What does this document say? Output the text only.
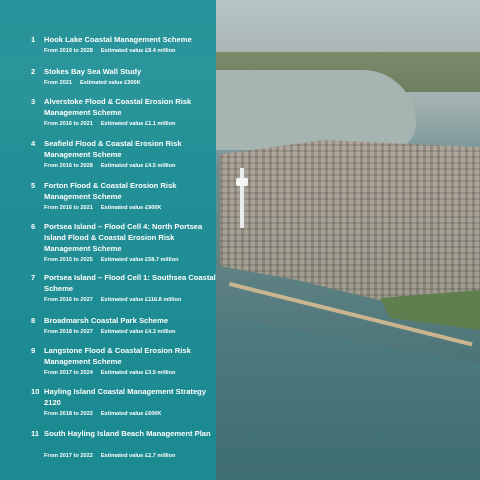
1	Hook Lake Coastal Management Scheme
From 2019 to 2028 Estimated value £8.4 million
2	Stokes Bay Sea Wall Study
From 2021 Estimated value £300K
3	Alverstoke Flood & Coastal Erosion Risk Management Scheme
From 2016 to 2021 Estimated value £1.1 million
4	Seafield Flood & Coastal Erosion Risk Management Scheme
From 2016 to 2028 Estimated value £4.5 million
5	Forton Flood & Coastal Erosion Risk Management Scheme
From 2016 to 2021 Estimated value £900K
6	Portsea Island – Flood Cell 4: North Portsea Island Flood & Coastal Erosion Risk Management Scheme
From 2015 to 2025 Estimated value £58.7 million
7	Portsea Island – Flood Cell 1: Southsea Coastal Scheme
From 2016 to 2027 Estimated value £116.8 million
8	Broadmarsh Coastal Park Scheme
From 2018 to 2027 Estimated value £4.3 million
9	Langstone Flood & Coastal Erosion Risk Management Scheme
From 2017 to 2024 Estimated value £3.5 million
10 Hayling Island Coastal Management Strategy 2120
From 2018 to 2022 Estimated value £600K
11 South Hayling Island Beach Management Plan
From 2017 to 2022 Estimated value £2.7 million
